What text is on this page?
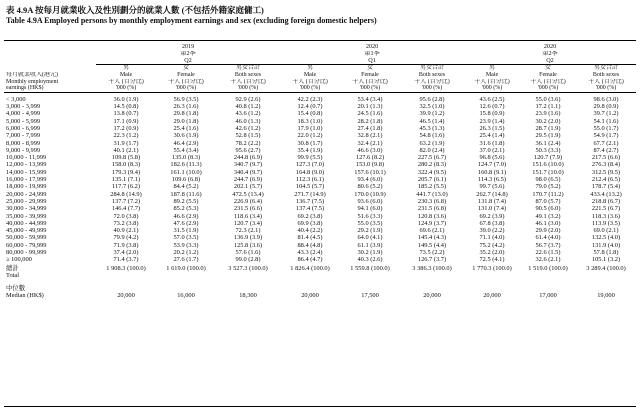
表 4.9A 按每月就業收入及性別劃分的就業人數 (不包括外籍家庭傭工)
Table 4.9A Employed persons by monthly employment earnings and sex (excluding foreign domestic helpers)
	2019			2020			2020		
	第2季			第1季			第2季		
	Q2			Q1			Q2		
	男	女	男女合計	男	女	男女合計	男	女	男女合計
每月就業收入(港元)	Male	Female	Both sexes	Male	Female	Both sexes	Male	Female	Both sexes
Monthly employment	千人 (百分比)	千人 (百分比)	千人 (百分比)	千人 (百分比)	千人 (百分比)	千人 (百分比)	千人 (百分比)	千人 (百分比)	千人 (百分比)
earnings (HK$)	'000 (%)	'000 (%)	'000 (%)	'000 (%)	'000 (%)	'000 (%)	'000 (%)	'000 (%)	'000 (%)

< 3,000	36.0 (1.9)	56.9 (3.5)	92.9 (2.6)	42.2 (2.3)	53.4 (3.4)	95.6 (2.8)	43.6 (2.5)	55.0 (3.6)	98.6 (3.0)
3,000 - 3,999	14.5 (0.8)	26.3 (1.6)	40.8 (1.2)	12.4 (0.7)	20.1 (1.3)	32.5 (1.0)	12.6 (0.7)	17.2 (1.1)	29.8 (0.9)
4,000 - 4,999	13.8 (0.7)	29.8 (1.8)	43.6 (1.2)	15.4 (0.8)	24.5 (1.6)	39.9 (1.2)	15.8 (0.9)	23.9 (1.6)	39.7 (1.2)
5,000 - 5,999	17.1 (0.9)	29.0 (1.8)	46.0 (1.3)	18.3 (1.0)	28.2 (1.8)	46.5 (1.4)	23.9 (1.4)	30.2 (2.0)	54.1 (1.6)
6,000 - 6,999	17.2 (0.9)	25.4 (1.6)	42.6 (1.2)	17.9 (1.0)	27.4 (1.8)	45.3 (1.3)	26.3 (1.5)	28.7 (1.9)	55.0 (1.7)
7,000 - 7,999	22.3 (1.2)	30.6 (1.9)	52.8 (1.5)	22.0 (1.2)	32.8 (2.1)	54.8 (1.6)	25.4 (1.4)	29.5 (1.9)	54.9 (1.7)
8,000 - 8,999	31.9 (1.7)	46.4 (2.9)	78.2 (2.2)	30.8 (1.7)	32.4 (2.1)	63.2 (1.9)	31.6 (1.8)	36.1 (2.4)	67.7 (2.1)
9,000 - 9,999	40.1 (2.1)	55.4 (3.4)	95.6 (2.7)	35.4 (1.9)	46.6 (3.0)	82.0 (2.4)	37.0 (2.1)	50.3 (3.3)	87.4 (2.7)
10,000 - 11,999	109.8 (5.8)	135.0 (8.3)	244.8 (6.9)	99.9 (5.5)	127.6 (8.2)	227.5 (6.7)	96.8 (5.6)	120.7 (7.9)	217.5 (6.6)
12,000 - 13,999	158.0 (8.3)	182.6 (11.3)	340.7 (9.7)	127.3 (7.0)	153.0 (9.8)	280.2 (8.3)	124.7 (7.0)	151.6 (10.0)	276.3 (8.4)
14,000 - 15,999	179.3 (9.4)	161.1 (10.0)	340.4 (9.7)	164.8 (9.0)	157.6 (10.1)	322.4 (9.5)	160.8 (9.1)	151.7 (10.0)	312.5 (9.5)
16,000 - 17,999	135.1 (7.1)	109.6 (6.8)	244.7 (6.9)	112.3 (6.1)	93.4 (6.0)	205.7 (6.1)	114.3 (6.5)	98.0 (6.5)	212.4 (6.5)
18,000 - 19,999	117.7 (6.2)	84.4 (5.2)	202.1 (5.7)	104.5 (5.7)	80.6 (5.2)	185.2 (5.5)	99.7 (5.6)	79.0 (5.2)	178.7 (5.4)
20,000 - 24,999	284.8 (14.9)	187.8 (11.6)	472.5 (13.4)	271.7 (14.9)	170.0 (10.9)	441.7 (13.0)	262.7 (14.8)	170.7 (11.2)	433.4 (13.2)
25,000 - 29,999	137.7 (7.2)	89.2 (5.5)	226.9 (6.4)	136.7 (7.5)	93.6 (6.0)	230.3 (6.8)	131.8 (7.4)	87.0 (5.7)	218.8 (6.7)
30,000 - 34,999	146.4 (7.7)	85.2 (5.3)	231.5 (6.6)	137.4 (7.5)	94.1 (6.0)	231.5 (6.8)	131.0 (7.4)	90.5 (6.0)	221.5 (6.7)
35,000 - 39,999	72.0 (3.8)	46.6 (2.9)	118.6 (3.4)	69.2 (3.8)	51.6 (3.3)	120.8 (3.6)	69.2 (3.9)	49.1 (3.2)	118.3 (3.6)
40,000 - 44,999	73.2 (3.8)	47.6 (2.9)	120.7 (3.4)	69.9 (3.8)	55.0 (3.5)	124.9 (3.7)	67.8 (3.8)	46.1 (3.0)	113.9 (3.5)
45,000 - 49,999	40.9 (2.1)	31.5 (1.9)	72.3 (2.1)	40.4 (2.2)	29.2 (1.9)	69.6 (2.1)	39.0 (2.2)	29.9 (2.0)	69.0 (2.1)
50,000 - 59,999	79.9 (4.2)	57.0 (3.5)	136.9 (3.9)	81.4 (4.5)	64.0 (4.1)	145.4 (4.3)	71.1 (4.0)	61.4 (4.0)	132.5 (4.0)
60,000 - 79,999	71.9 (3.8)	53.9 (3.3)	125.8 (3.6)	88.4 (4.8)	61.1 (3.9)	149.5 (4.4)	75.2 (4.2)	56.7 (3.7)	131.9 (4.0)
80,000 - 99,999	37.4 (2.0)	20.2 (1.2)	57.6 (1.6)	43.3 (2.4)	30.2 (1.9)	73.5 (2.2)	35.2 (2.0)	22.6 (1.5)	57.8 (1.8)
≥ 100,000	71.4 (3.7)	27.6 (1.7)	99.0 (2.8)	86.4 (4.7)	40.3 (2.6)	126.7 (3.7)	72.5 (4.1)	32.6 (2.1)	105.1 (3.2)
總計	1 908.3 (100.0)	1 619.0 (100.0)	3 527.3 (100.0)	1 826.4 (100.0)	1 559.8 (100.0)	3 386.3 (100.0)	1 770.3 (100.0)	1 519.0 (100.0)	3 289.4 (100.0)
Total									
中位數									
Median (HK$)	20,000	16,000	18,300	20,000	17,500	20,000	20,000	17,000	19,000
